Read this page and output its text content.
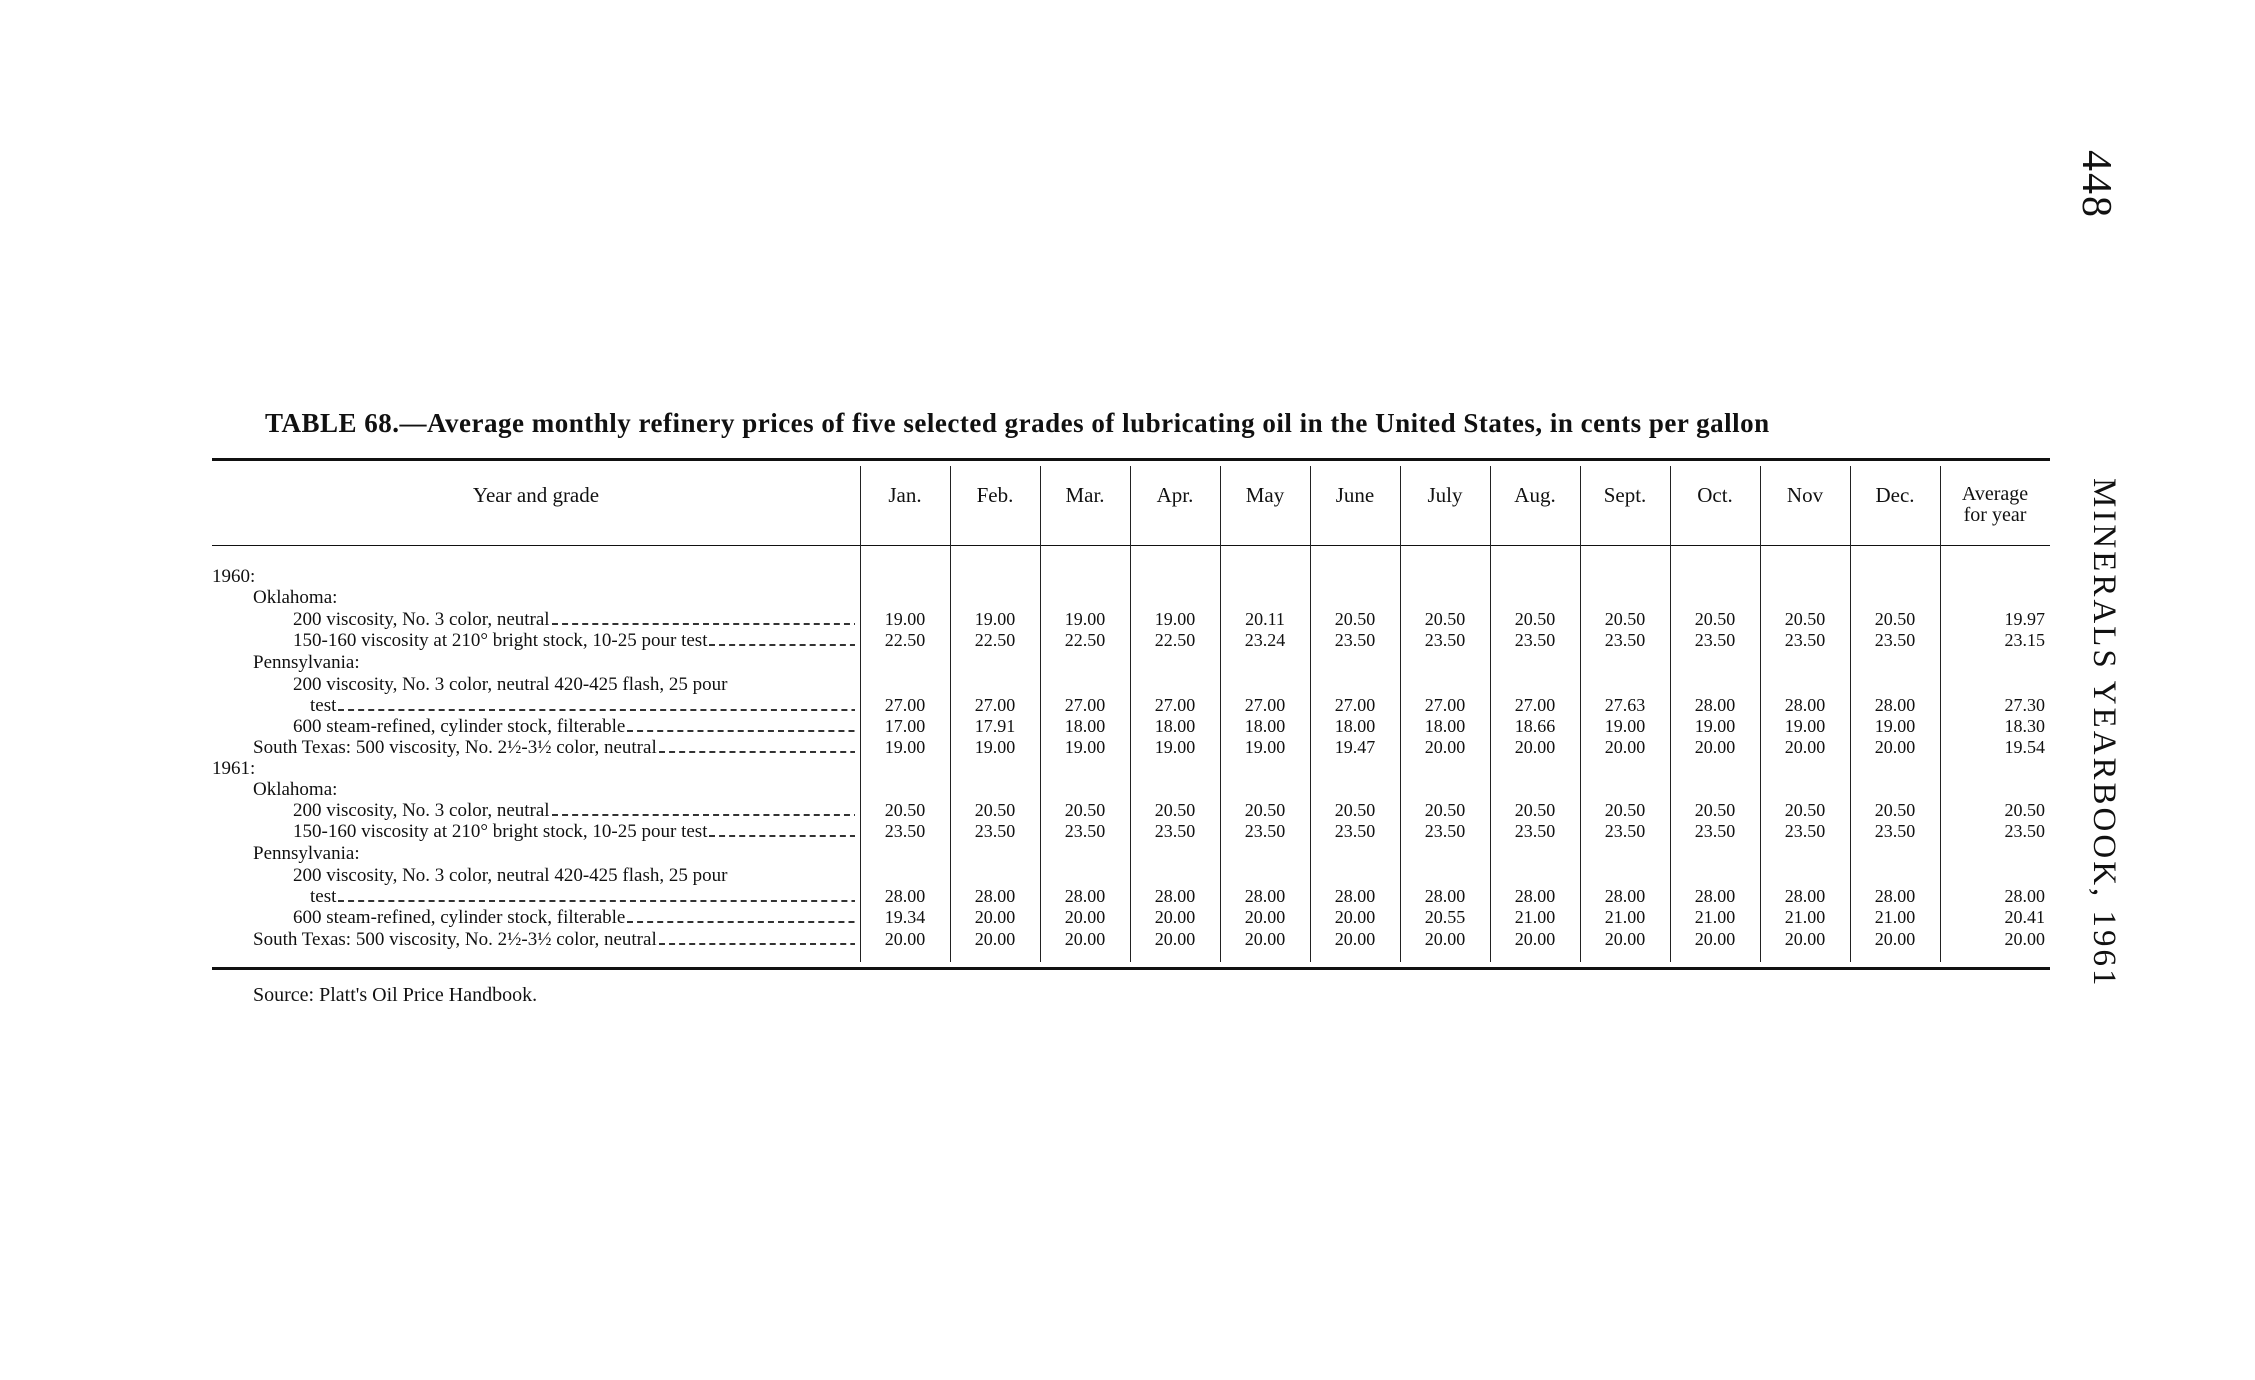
448
MINERALS YEARBOOK, 1961
TABLE 68.—Average monthly refinery prices of five selected grades of lubricating oil in the United States, in cents per gallon
Year and grade	Jan.	Feb.	Mar.	Apr.	May	June	July	Aug.	Sept.	Oct.	Nov	Dec.	Average
for year
1960:
Oklahoma:
200 viscosity, No. 3 color, neutral	19.00	19.00	19.00	19.00	20.11	20.50	20.50	20.50	20.50	20.50	20.50	20.50	19.97
150-160 viscosity at 210° bright stock, 10-25 pour test	22.50	22.50	22.50	22.50	23.24	23.50	23.50	23.50	23.50	23.50	23.50	23.50	23.15
Pennsylvania:
200 viscosity, No. 3 color, neutral 420-425 flash, 25 pour
test	27.00	27.00	27.00	27.00	27.00	27.00	27.00	27.00	27.63	28.00	28.00	28.00	27.30
600 steam-refined, cylinder stock, filterable	17.00	17.91	18.00	18.00	18.00	18.00	18.00	18.66	19.00	19.00	19.00	19.00	18.30
South Texas: 500 viscosity, No. 2½-3½ color, neutral	19.00	19.00	19.00	19.00	19.00	19.47	20.00	20.00	20.00	20.00	20.00	20.00	19.54
1961:
Oklahoma:
200 viscosity, No. 3 color, neutral	20.50	20.50	20.50	20.50	20.50	20.50	20.50	20.50	20.50	20.50	20.50	20.50	20.50
150-160 viscosity at 210° bright stock, 10-25 pour test	23.50	23.50	23.50	23.50	23.50	23.50	23.50	23.50	23.50	23.50	23.50	23.50	23.50
Pennsylvania:
200 viscosity, No. 3 color, neutral 420-425 flash, 25 pour
test	28.00	28.00	28.00	28.00	28.00	28.00	28.00	28.00	28.00	28.00	28.00	28.00	28.00
600 steam-refined, cylinder stock, filterable	19.34	20.00	20.00	20.00	20.00	20.00	20.55	21.00	21.00	21.00	21.00	21.00	20.41
South Texas: 500 viscosity, No. 2½-3½ color, neutral	20.00	20.00	20.00	20.00	20.00	20.00	20.00	20.00	20.00	20.00	20.00	20.00	20.00
Source: Platt's Oil Price Handbook.
